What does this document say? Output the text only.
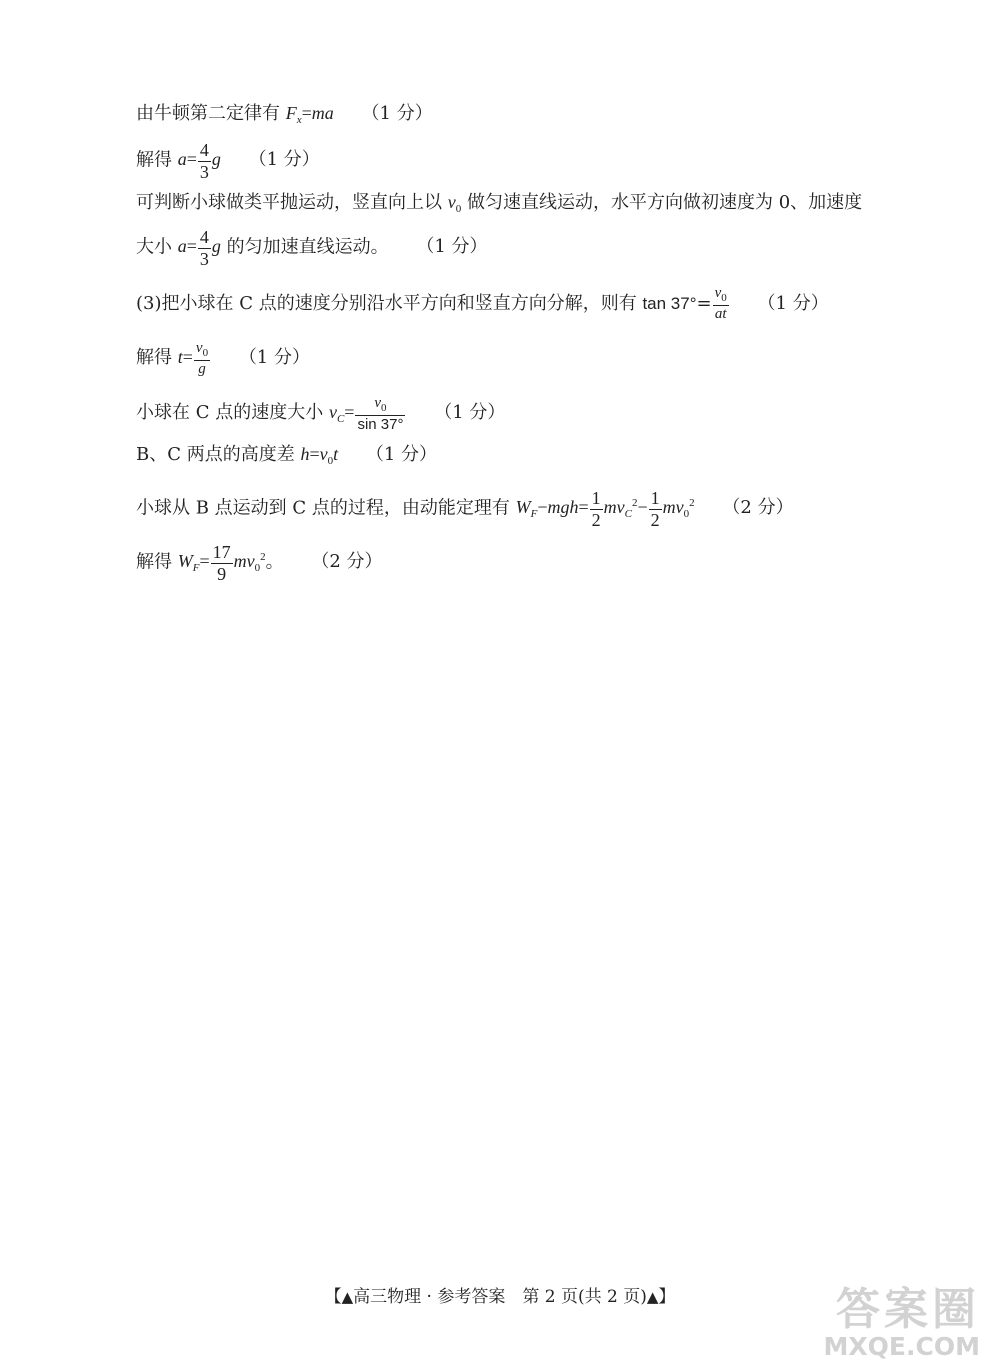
由牛顿第二定律有 $F_x=ma$ （1 分）
解得 $a= \frac{4}{3}$ g （1 分）
可判断小球做类平抛运动，竖直向上以 $v_0$ 做匀速直线运动，水平方向做初速度为 0、加速度
大小 $a= \frac{4}{3}$ g 的匀加速直线运动。 （1 分）
(3)把小球在 C 点的速度分别沿水平方向和竖直方向分解，则有 $\tan 37^\circ= \frac{v_0}{at} (1$ 分）
解得 $t= \frac{v_0}{g} (1$ 分）
小球在 C 点的速度大小 $v_C= \frac{v_0}{\sin 37^\circ} (1$ 分）
B、C 两点的高度差 $h=v_0t$ （1 分）
小球从 B 点运动到 C 点的过程，由动能定理有 $W_F-mgh= \frac{1}{2} mv_C^2- \frac{1}{2} mv_0^2$ （2 分）
解得 $W_F= \frac{17}{9} mv_0^2$。 （2 分）
【▲高三物理 · 参考答案　第 2 页(共 2 页)▲】	答案圈
MXQE.COM
